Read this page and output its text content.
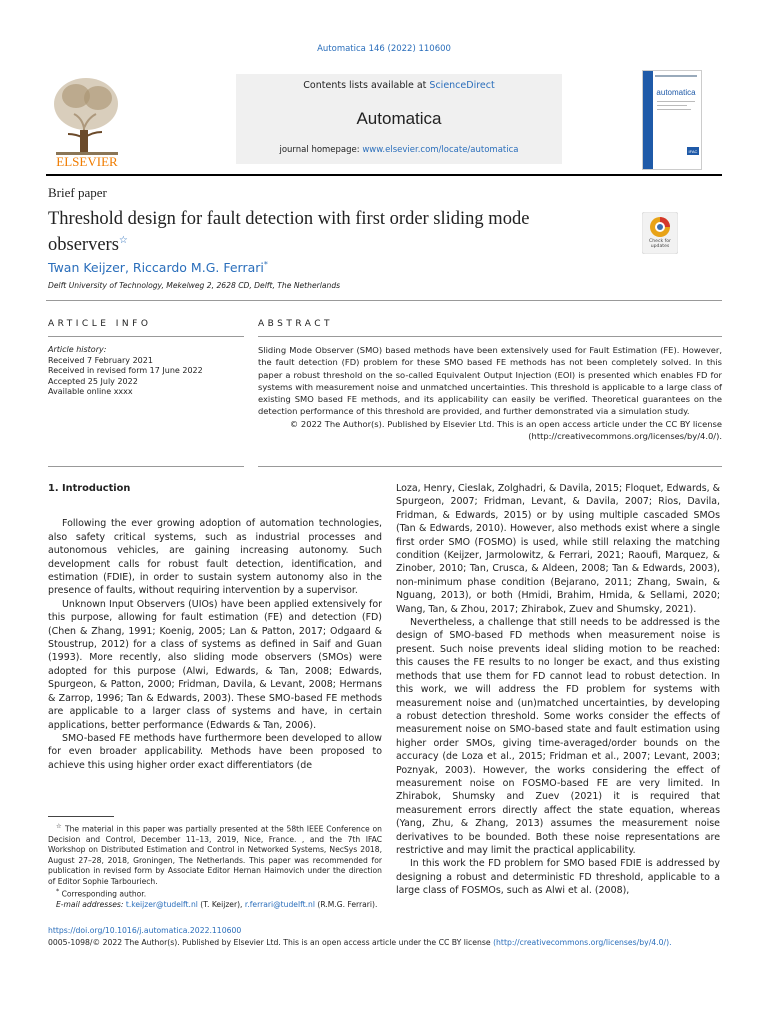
Automatica 146 (2022) 110600
ELSEVIER
Contents lists available at ScienceDirect
Automatica
journal homepage: www.elsevier.com/locate/automatica
automatica
IFAC
Brief paper
Threshold design for fault detection with first order sliding mode observers☆	Check for updates
Twan Keijzer, Riccardo M.G. Ferrari*
Delft University of Technology, Mekelweg 2, 2628 CD, Delft, The Netherlands
ARTICLE INFO	ABSTRACT
Article history:
Received 7 February 2021
Received in revised form 17 June 2022
Accepted 25 July 2022
Available online xxxx
Sliding Mode Observer (SMO) based methods have been extensively used for Fault Estimation (FE). However, the fault detection (FD) problem for these SMO based FE methods has not been completely solved. In this paper a robust threshold on the so-called Equivalent Output Injection (EOI) is presented which enables FD for systems with measurement noise and unmatched uncertainties. This threshold is applicable to a large class of existing SMO based FE methods, and its applicability can easily be verified. Theoretical guarantees on the detection performance of this threshold are provided, and further demonstrated via a simulation study.
© 2022 The Author(s). Published by Elsevier Ltd. This is an open access article under the CC BY license (http://creativecommons.org/licenses/by/4.0/).

1. Introduction

Following the ever growing adoption of automation technologies, also safety critical systems, such as industrial processes and autonomous vehicles, are gaining increasing autonomy. Such development calls for robust fault detection, identification, and estimation (FDIE), in order to sustain system autonomy also in the presence of faults, without requiring intervention by a supervisor.

Unknown Input Observers (UIOs) have been applied extensively for this purpose, allowing for fault estimation (FE) and detection (FD) (Chen & Zhang, 1991; Koenig, 2005; Lan & Patton, 2017; Odgaard & Stoustrup, 2012) for a class of systems as defined in Saif and Guan (1993). More recently, also sliding mode observers (SMOs) were adopted for this purpose (Alwi, Edwards, & Tan, 2008; Edwards, Spurgeon, & Patton, 2000; Fridman, Davila, & Levant, 2008; Hermans & Zarrop, 1996; Tan & Edwards, 2003). These SMO-based FE methods are applicable to a larger class of systems and have, in certain applications, better performance (Edwards & Tan, 2006).

SMO-based FE methods have furthermore been developed to allow for even broader applicability. Methods have been proposed to achieve this using higher order exact differentiators (de

Loza, Henry, Cieslak, Zolghadri, & Davila, 2015; Floquet, Edwards, & Spurgeon, 2007; Fridman, Levant, & Davila, 2007; Rios, Davila, Fridman, & Edwards, 2015) or by using multiple cascaded SMOs (Tan & Edwards, 2010). However, also methods exist where a single first order SMO (FOSMO) is used, while still relaxing the matching condition (Keijzer, Jarmolowitz, & Ferrari, 2021; Raoufi, Marquez, & Zinober, 2010; Tan, Crusca, & Aldeen, 2008; Tan & Edwards, 2003), non-minimum phase condition (Bejarano, 2011; Zhang, Swain, & Nguang, 2013), or both (Hmidi, Brahim, Hmida, & Sellami, 2020; Wang, Tan, & Zhou, 2017; Zhirabok, Zuev and Shumsky, 2021).

Nevertheless, a challenge that still needs to be addressed is the design of SMO-based FD methods when measurement noise is present. Such noise prevents ideal sliding motion to be reached: this causes the FE results to no longer be exact, and thus existing methods that use them for FD cannot lead to robust detection. In this work, we will address the FD problem for systems with measurement noise and (un)matched uncertainties, by developing a robust detection threshold. Some works consider the effects of measurement noise on SMO-based state and fault estimation using higher order SMOs, giving time-averaged/order bounds on the accuracy (de Loza et al., 2015; Fridman et al., 2007; Levant, 2003; Poznyak, 2003). However, the works considering the effect of measurement noise on FOSMO-based FE are very limited. In Zhirabok, Shumsky and Zuev (2021) it is required that measurement errors directly affect the state equation, whereas (Yang, Zhu, & Zhang, 2013) assumes the measurement noise derivatives to be bounded. Both these noise representations are restrictive and may limit the practical applicability.

In this work the FD problem for SMO based FDIE is addressed by designing a robust and deterministic FD threshold, applicable to a large class of FOSMOs, such as Alwi et al. (2008),

☆ The material in this paper was partially presented at the 58th IEEE Conference on Decision and Control, December 11–13, 2019, Nice, France. , and the 7th IFAC Workshop on Distributed Estimation and Control in Networked Systems, NecSys 2018, August 27–28, 2018, Groningen, The Netherlands. This paper was recommended for publication in revised form by Associate Editor Hernan Haimovich under the direction of Editor Sophie Tarbouriech.

* Corresponding author.

E-mail addresses: t.keijzer@tudelft.nl (T. Keijzer), r.ferrari@tudelft.nl (R.M.G. Ferrari).

https://doi.org/10.1016/j.automatica.2022.110600
0005-1098/© 2022 The Author(s). Published by Elsevier Ltd. This is an open access article under the CC BY license (http://creativecommons.org/licenses/by/4.0/).
